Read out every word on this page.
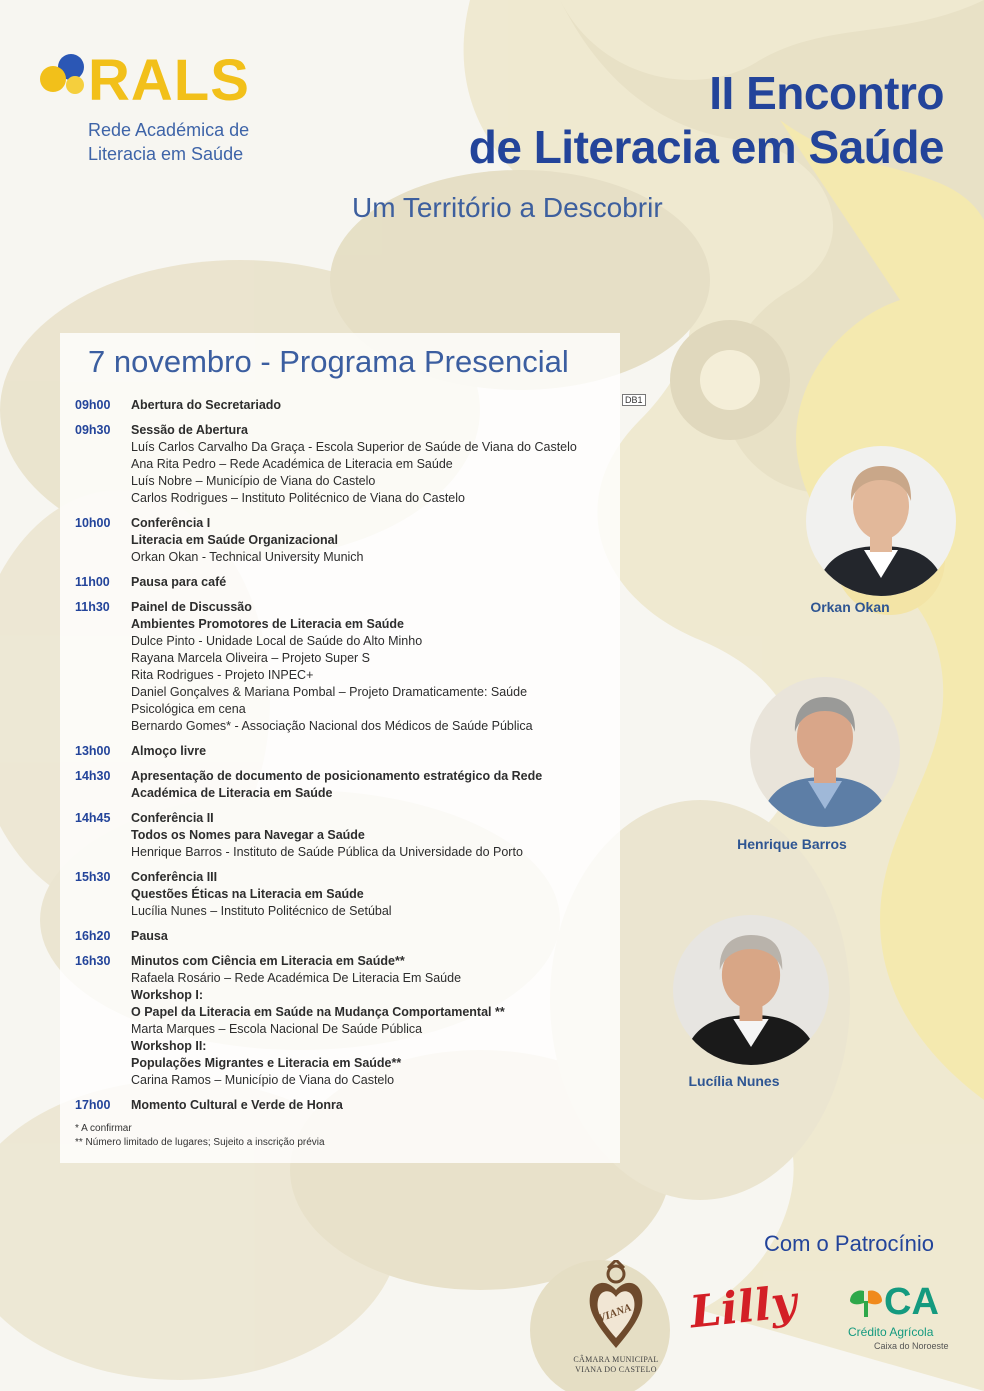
RALS
Rede Académica de
Literacia em Saúde
II Encontro
de Literacia em Saúde
Um Território a Descobrir
7 novembro - Programa Presencial
DB1
09h00	Abertura do Secretariado
09h30	Sessão de Abertura
Luís Carlos Carvalho Da Graça - Escola Superior de Saúde de Viana do Castelo
Ana Rita Pedro – Rede Académica de Literacia em Saúde
Luís Nobre – Município de Viana do Castelo
Carlos Rodrigues – Instituto Politécnico de Viana do Castelo
10h00	Conferência I
Literacia em Saúde Organizacional
Orkan Okan - Technical University Munich
11h00	Pausa para café
11h30	Painel de Discussão
Ambientes Promotores de Literacia em Saúde
Dulce Pinto - Unidade Local de Saúde do Alto Minho
Rayana Marcela Oliveira – Projeto Super S
Rita Rodrigues - Projeto INPEC+
Daniel Gonçalves & Mariana Pombal – Projeto Dramaticamente: Saúde
Psicológica em cena
Bernardo Gomes* - Associação Nacional dos Médicos de Saúde Pública
13h00	Almoço livre
14h30	Apresentação de documento de posicionamento estratégico da Rede
Académica de Literacia em Saúde
14h45	Conferência II
Todos os Nomes para Navegar a Saúde
Henrique Barros - Instituto de Saúde Pública da Universidade do Porto
15h30	Conferência III
Questões Éticas na Literacia em Saúde
Lucília Nunes – Instituto Politécnico de Setúbal
16h20	Pausa
16h30	Minutos com Ciência em Literacia em Saúde**
Rafaela Rosário – Rede Académica De Literacia Em Saúde
Workshop I:
O Papel da Literacia em Saúde na Mudança Comportamental **
Marta Marques – Escola Nacional De Saúde Pública
Workshop II:
Populações Migrantes e Literacia em Saúde**
Carina Ramos – Município de Viana do Castelo
17h00	Momento Cultural e Verde de Honra
* A confirmar
** Número limitado de lugares; Sujeito a inscrição prévia
Orkan Okan
Henrique Barros
Lucília Nunes
Com o Patrocínio
VIANA
CÂMARA MUNICIPAL
VIANA DO CASTELO
Lilly CA
Crédito Agrícola
Caixa do Noroeste
